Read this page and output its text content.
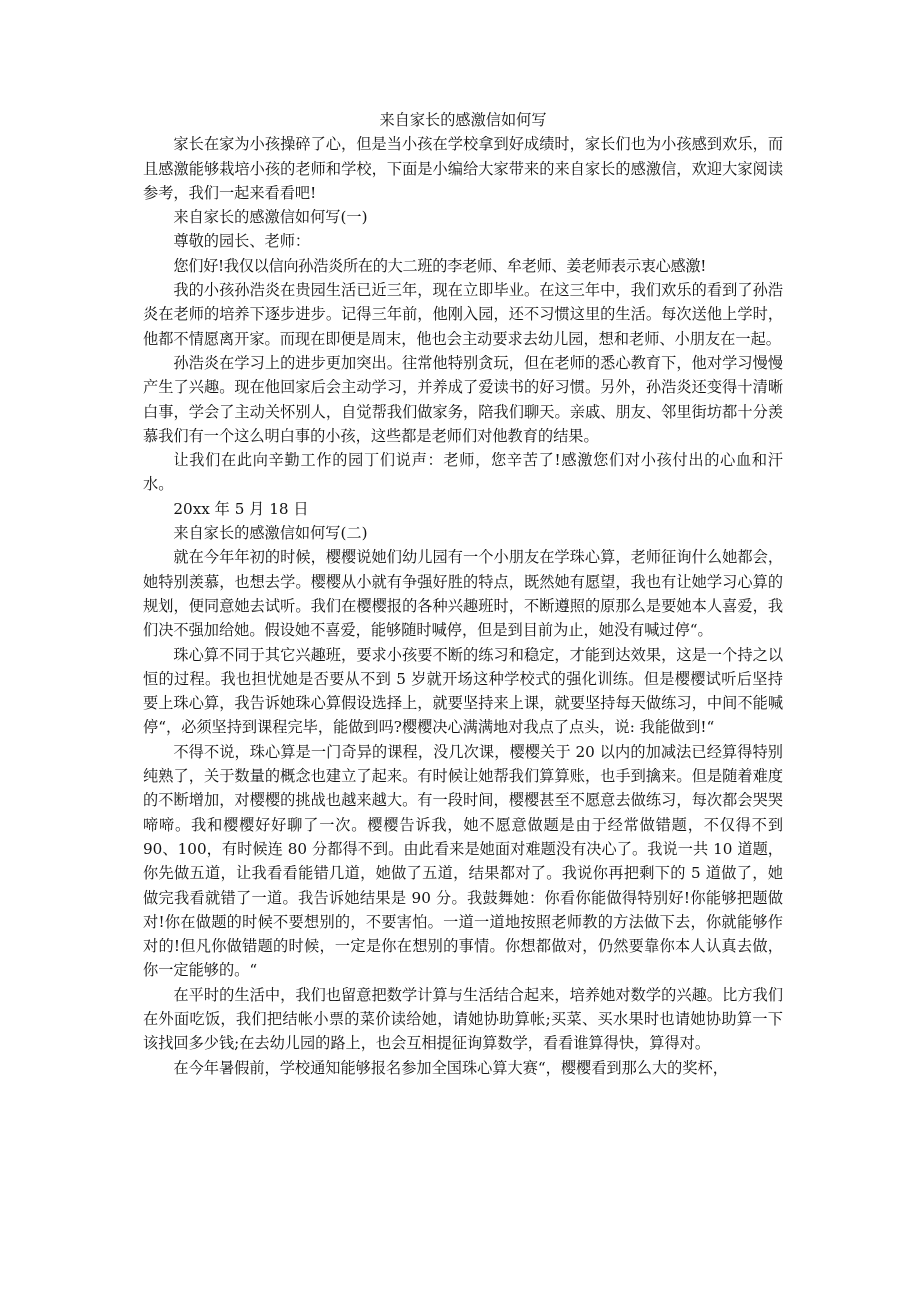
来自家长的感激信如何写

家长在家为小孩操碎了心，但是当小孩在学校拿到好成绩时，家长们也为小孩感到欢乐，而且感激能够栽培小孩的老师和学校，下面是小编给大家带来的来自家长的感激信，欢迎大家阅读参考，我们一起来看看吧!

来自家长的感激信如何写(一)

尊敬的园长、老师：

您们好!我仅以信向孙浩炎所在的大二班的李老师、牟老师、姜老师表示衷心感激!

我的小孩孙浩炎在贵园生活已近三年，现在立即毕业。在这三年中，我们欢乐的看到了孙浩炎在老师的培养下逐步进步。记得三年前，他刚入园，还不习惯这里的生活。每次送他上学时，他都不情愿离开家。而现在即便是周末，他也会主动要求去幼儿园，想和老师、小朋友在一起。

孙浩炎在学习上的进步更加突出。往常他特别贪玩，但在老师的悉心教育下，他对学习慢慢产生了兴趣。现在他回家后会主动学习，并养成了爱读书的好习惯。另外，孙浩炎还变得十清晰白事，学会了主动关怀别人，自觉帮我们做家务，陪我们聊天。亲戚、朋友、邻里街坊都十分羡慕我们有一个这么明白事的小孩，这些都是老师们对他教育的结果。

让我们在此向辛勤工作的园丁们说声：老师，您辛苦了!感激您们对小孩付出的心血和汗水。

20xx 年 5 月 18 日

来自家长的感激信如何写(二)

就在今年年初的时候，樱樱说她们幼儿园有一个小朋友在学珠心算，老师征询什么她都会，她特别羡慕，也想去学。樱樱从小就有争强好胜的特点，既然她有愿望，我也有让她学习心算的规划，便同意她去试听。我们在樱樱报的各种兴趣班时，不断遵照的原那么是要她本人喜爱，我们决不强加给她。假设她不喜爱，能够随时喊停，但是到目前为止，她没有喊过停“。

珠心算不同于其它兴趣班，要求小孩要不断的练习和稳定，才能到达效果，这是一个持之以恒的过程。我也担忧她是否要从不到 5 岁就开场这种学校式的强化训练。但是樱樱试听后坚持要上珠心算，我告诉她珠心算假设选择上，就要坚持来上课，就要坚持每天做练习，中间不能喊停“，必须坚持到课程完毕，能做到吗?樱樱决心满满地对我点了点头，说: 我能做到!“

不得不说，珠心算是一门奇异的课程，没几次课，樱樱关于 20 以内的加减法已经算得特别纯熟了，关于数量的概念也建立了起来。有时候让她帮我们算算账，也手到擒来。但是随着难度的不断增加，对樱樱的挑战也越来越大。有一段时间，樱樱甚至不愿意去做练习，每次都会哭哭啼啼。我和樱樱好好聊了一次。樱樱告诉我，她不愿意做题是由于经常做错题，不仅得不到 90、100，有时候连 80 分都得不到。由此看来是她面对难题没有决心了。我说一共 10 道题，你先做五道，让我看看能错几道，她做了五道，结果都对了。我说你再把剩下的 5 道做了，她做完我看就错了一道。我告诉她结果是 90 分。我鼓舞她：你看你能做得特别好!你能够把题做对!你在做题的时候不要想别的，不要害怕。一道一道地按照老师教的方法做下去，你就能够作对的!但凡你做错题的时候，一定是你在想别的事情。你想都做对，仍然要靠你本人认真去做，你一定能够的。“

在平时的生活中，我们也留意把数学计算与生活结合起来，培养她对数学的兴趣。比方我们在外面吃饭，我们把结帐小票的菜价读给她，请她协助算帐;买菜、买水果时也请她协助算一下该找回多少钱;在去幼儿园的路上，也会互相提征询算数学，看看谁算得快，算得对。

在今年暑假前，学校通知能够报名参加全国珠心算大赛“，樱樱看到那么大的奖杯，
